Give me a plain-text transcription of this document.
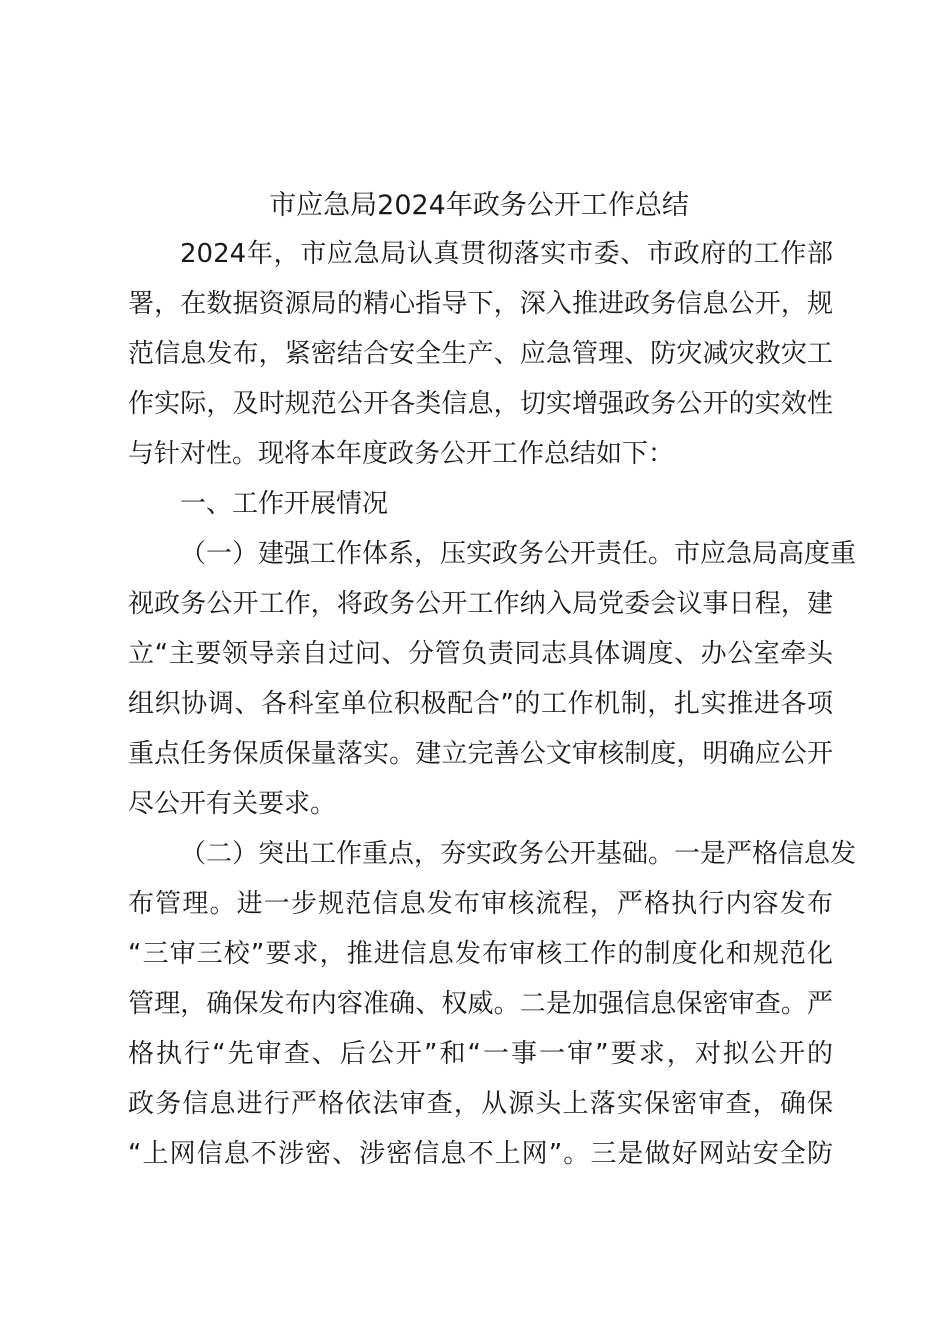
市应急局2024年政务公开工作总结
2024年，市应急局认真贯彻落实市委、市政府的工作部
署，在数据资源局的精心指导下，深入推进政务信息公开，规
范信息发布，紧密结合安全生产、应急管理、防灾减灾救灾工
作实际，及时规范公开各类信息，切实增强政务公开的实效性
与针对性。现将本年度政务公开工作总结如下：
一、工作开展情况
（一）建强工作体系，压实政务公开责任。市应急局高度重
视政务公开工作，将政务公开工作纳入局党委会议事日程，建
立“主要领导亲自过问、分管负责同志具体调度、办公室牵头
组织协调、各科室单位积极配合”的工作机制，扎实推进各项
重点任务保质保量落实。建立完善公文审核制度，明确应公开
尽公开有关要求。
（二）突出工作重点，夯实政务公开基础。一是严格信息发
布管理。进一步规范信息发布审核流程，严格执行内容发布
“三审三校”要求，推进信息发布审核工作的制度化和规范化
管理，确保发布内容准确、权威。二是加强信息保密审查。严
格执行“先审查、后公开”和“一事一审”要求，对拟公开的
政务信息进行严格依法审查，从源头上落实保密审查，确保
“上网信息不涉密、涉密信息不上网”。三是做好网站安全防
